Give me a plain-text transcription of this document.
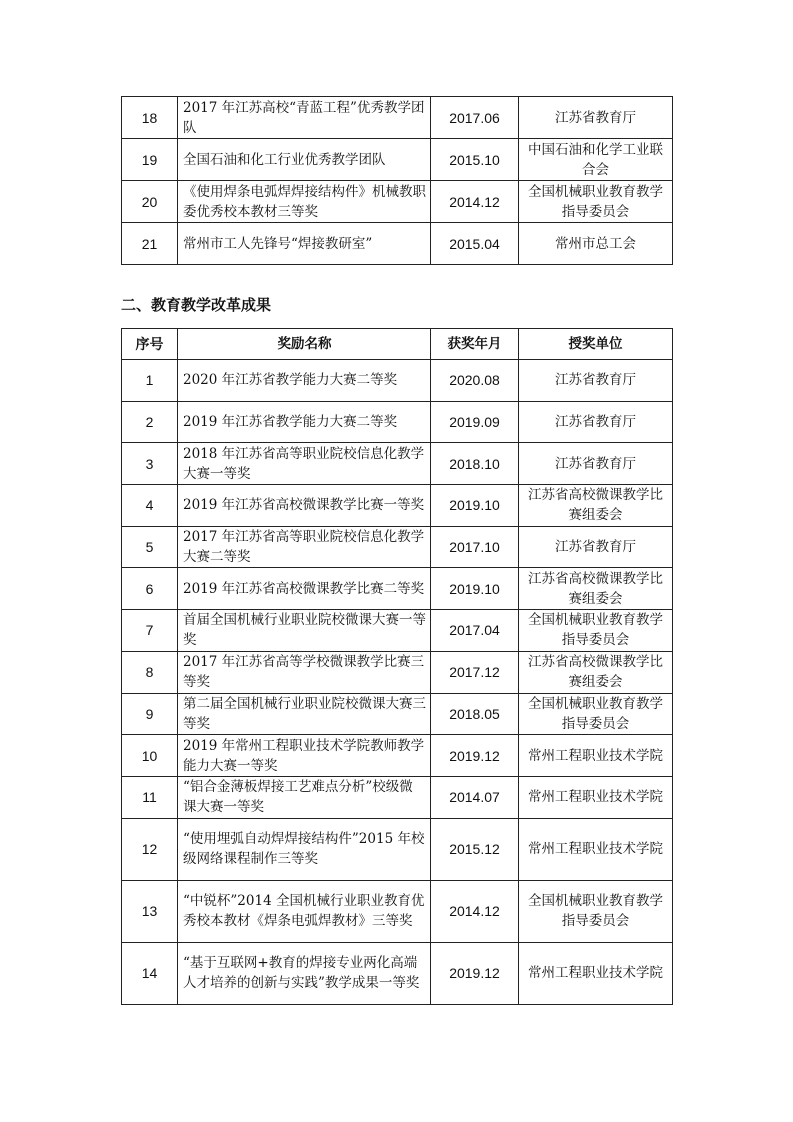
18	2017 年江苏高校“青蓝工程”优秀教学团队	2017.06	江苏省教育厅
19	全国石油和化工行业优秀教学团队	2015.10	中国石油和化学工业联合会
20	《使用焊条电弧焊焊接结构件》机械教职委优秀校本教材三等奖	2014.12	全国机械职业教育教学指导委员会
21	常州市工人先锋号“焊接教研室”	2015.04	常州市总工会
二、教育教学改革成果
序号	奖励名称	获奖年月	授奖单位
1	2020 年江苏省教学能力大赛二等奖	2020.08	江苏省教育厅
2	2019 年江苏省教学能力大赛二等奖	2019.09	江苏省教育厅
3	2018 年江苏省高等职业院校信息化教学大赛一等奖	2018.10	江苏省教育厅
4	2019 年江苏省高校微课教学比赛一等奖	2019.10	江苏省高校微课教学比赛组委会
5	2017 年江苏省高等职业院校信息化教学大赛二等奖	2017.10	江苏省教育厅
6	2019 年江苏省高校微课教学比赛二等奖	2019.10	江苏省高校微课教学比赛组委会
7	首届全国机械行业职业院校微课大赛一等奖	2017.04	全国机械职业教育教学指导委员会
8	2017 年江苏省高等学校微课教学比赛三等奖	2017.12	江苏省高校微课教学比赛组委会
9	第二届全国机械行业职业院校微课大赛三等奖	2018.05	全国机械职业教育教学指导委员会
10	2019 年常州工程职业技术学院教师教学能力大赛一等奖	2019.12	常州工程职业技术学院
11	“铝合金薄板焊接工艺难点分析”校级微课大赛一等奖	2014.07	常州工程职业技术学院
12	“使用埋弧自动焊焊接结构件”2015 年校级网络课程制作三等奖	2015.12	常州工程职业技术学院
13	“中锐杯”2014 全国机械行业职业教育优秀校本教材《焊条电弧焊教材》三等奖	2014.12	全国机械职业教育教学指导委员会
14	“基于互联网+教育的焊接专业两化高端人才培养的创新与实践”教学成果一等奖	2019.12	常州工程职业技术学院
